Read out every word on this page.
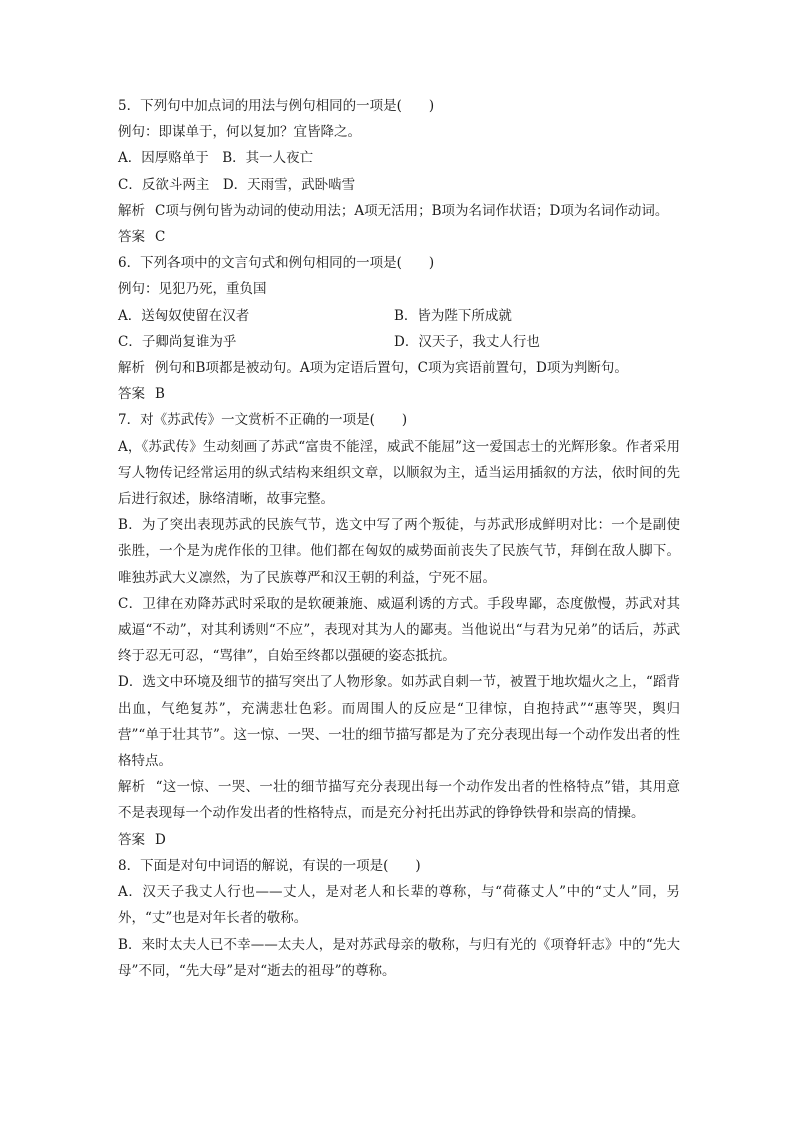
5．下列句中加点词的用法与例句相同的一项是(　　)
例句：即谋单于，何以复加？宜皆降之。
A．因厚赂单于　B．其一人夜亡
C．反欲斗两主　D．天雨雪，武卧啮雪
解析 C项与例句皆为动词的使动用法；A项无活用；B项为名词作状语；D项为名词作动词。
答案 C
6．下列各项中的文言句式和例句相同的一项是(　　)
例句：见犯乃死，重负国
A．送匈奴使留在汉者	B．皆为陛下所成就
C．子卿尚复谁为乎	D．汉天子，我丈人行也
解析 例句和B项都是被动句。A项为定语后置句，C项为宾语前置句，D项为判断句。
答案 B
7．对《苏武传》一文赏析不正确的一项是(　　)
A，《苏武传》生动刻画了苏武“富贵不能淫，威武不能屈”这一爱国志士的光辉形象。作者采用写人物传记经常运用的纵式结构来组织文章，以顺叙为主，适当运用插叙的方法，依时间的先后进行叙述，脉络清晰，故事完整。
B．为了突出表现苏武的民族气节，选文中写了两个叛徒，与苏武形成鲜明对比：一个是副使张胜，一个是为虎作伥的卫律。他们都在匈奴的威势面前丧失了民族气节，拜倒在敌人脚下。唯独苏武大义凛然，为了民族尊严和汉王朝的利益，宁死不屈。
C．卫律在劝降苏武时采取的是软硬兼施、威逼利诱的方式。手段卑鄙，态度傲慢，苏武对其威逼“不动”，对其利诱则“不应”，表现对其为人的鄙夷。当他说出“与君为兄弟”的话后，苏武终于忍无可忍，“骂律”，自始至终都以强硬的姿态抵抗。
D．选文中环境及细节的描写突出了人物形象。如苏武自刺一节，被置于地坎煴火之上，“蹈背出血，气绝复苏”，充满悲壮色彩。而周围人的反应是“卫律惊，自抱持武”“惠等哭，舆归营”“单于壮其节”。这一惊、一哭、一壮的细节描写都是为了充分表现出每一个动作发出者的性格特点。
解析 “这一惊、一哭、一壮的细节描写充分表现出每一个动作发出者的性格特点”错，其用意不是表现每一个动作发出者的性格特点，而是充分衬托出苏武的铮铮铁骨和崇高的情操。
答案 D
8．下面是对句中词语的解说，有误的一项是(　　)
A．汉天子我丈人行也——丈人，是对老人和长辈的尊称，与“荷蓧丈人”中的“丈人”同，另外，“丈”也是对年长者的敬称。
B．来时太夫人已不幸——太夫人，是对苏武母亲的敬称，与归有光的《项脊轩志》中的“先大母”不同，“先大母”是对“逝去的祖母”的尊称。
